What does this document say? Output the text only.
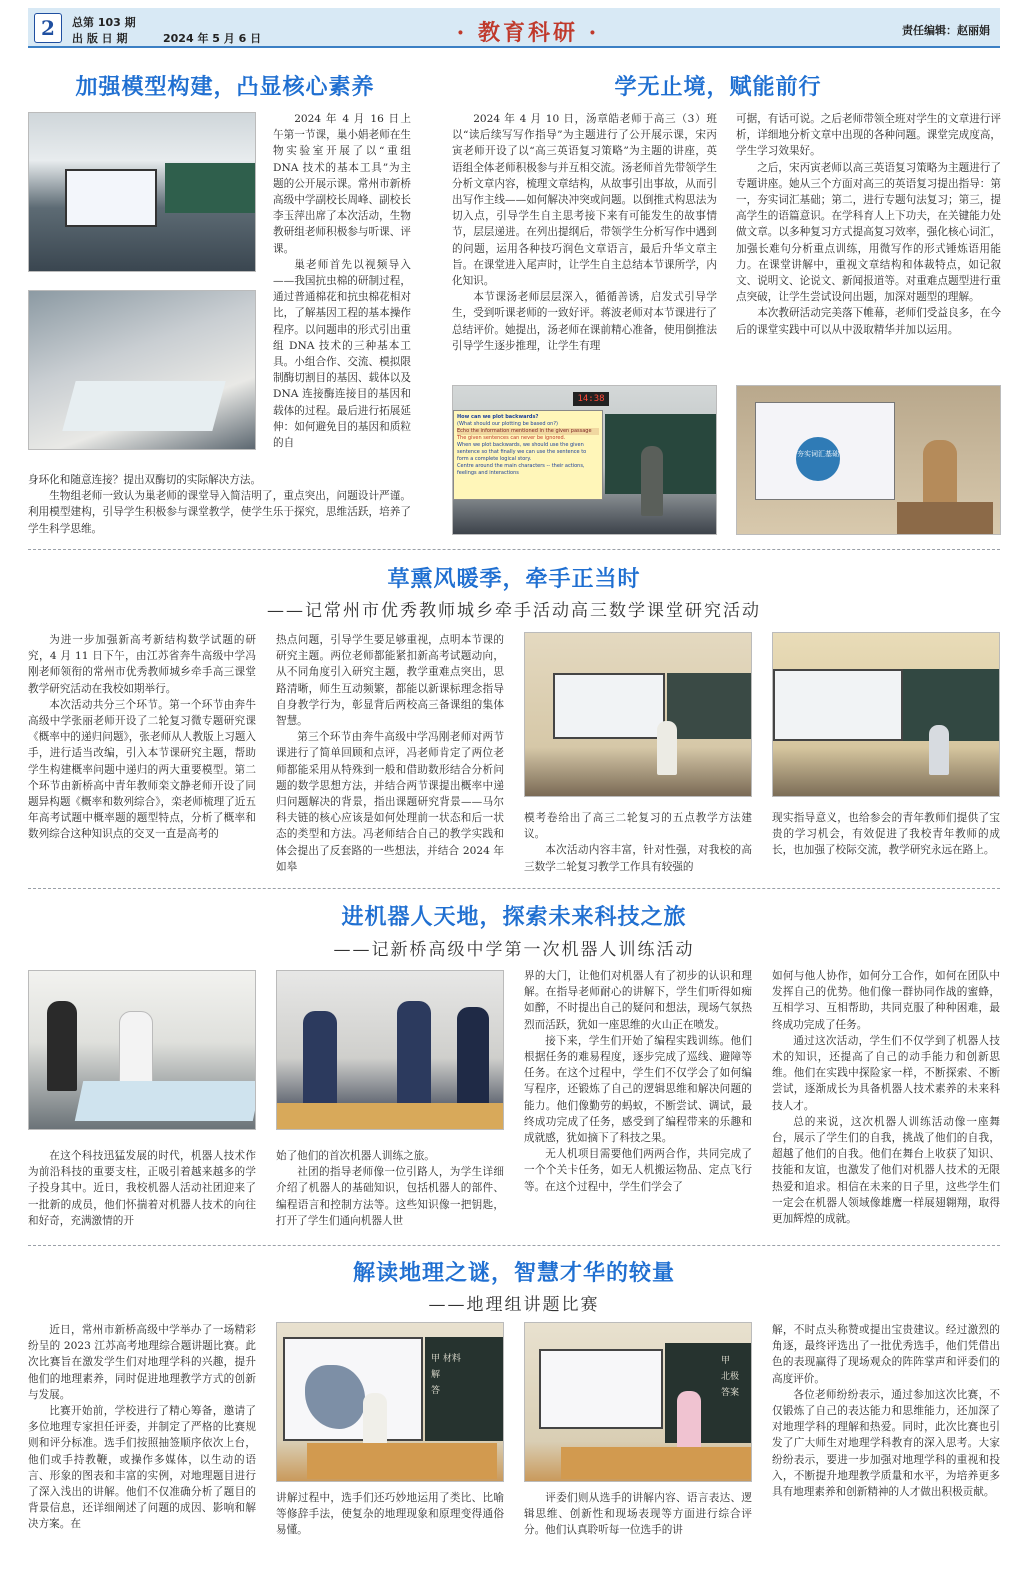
2	总第 103 期
出 版 日 期	2024 年 5 月 6 日	· 教育科研 ·	责任编辑：赵丽娟
加强模型构建，凸显核心素养

2024 年 4 月 16 日上午第一节课，巢小娟老师在生物实验室开展了以“重组 DNA 技术的基本工具”为主题的公开展示课。常州市新桥高级中学副校长周峰、副校长李玉萍出席了本次活动，生物教研组老师积极参与听课、评课。

巢老师首先以视频导入——我国抗虫棉的研制过程，通过普通棉花和抗虫棉花相对比，了解基因工程的基本操作程序。以问题串的形式引出重组 DNA 技术的三种基本工具。小组合作、交流、模拟限制酶切割目的基因、载体以及 DNA 连接酶连接目的基因和载体的过程。最后进行拓展延伸：如何避免目的基因和质粒的自

身环化和随意连接？提出双酶切的实际解决方法。

生物组老师一致认为巢老师的课堂导入简洁明了，重点突出，问题设计严谨。利用模型建构，引导学生积极参与课堂教学，使学生乐于探究，思维活跃，培养了学生科学思维。

学无止境，赋能前行

2024 年 4 月 10 日，汤章皓老师于高三（3）班以“读后续写写作指导”为主题进行了公开展示课，宋丙寅老师开设了以“高三英语复习策略”为主题的讲座，英语组全体老师积极参与并互相交流。汤老师首先带领学生分析文章内容，梳理文章结构，从故事引出事故，从而引出写作主线——如何解决冲突或问题。以倒推式构思法为切入点，引导学生自主思考接下来有可能发生的故事情节，层层递进。在列出提纲后，带领学生分析写作中遇到的问题，运用各种技巧润色文章语言，最后升华文章主旨。在课堂进入尾声时，让学生自主总结本节课所学，内化知识。

本节课汤老师层层深入，循循善诱，启发式引导学生，受到听课老师的一致好评。蒋波老师对本节课进行了总结评价。她提出，汤老师在课前精心准备，使用倒推法引导学生逐步推理，让学生有理

可据，有话可说。之后老师带领全班对学生的文章进行评析，详细地分析文章中出现的各种问题。课堂完成度高，学生学习效果好。

之后，宋丙寅老师以高三英语复习策略为主题进行了专题讲座。她从三个方面对高三的英语复习提出指导：第一，夯实词汇基础；第二，进行专题句法复习；第三，提高学生的语篇意识。在学科育人上下功夫，在关键能力处做文章。以多种复习方式提高复习效率，强化核心词汇，加强长难句分析重点训练，用微写作的形式锤炼语用能力。在课堂讲解中，重视文章结构和体裁特点，如记叙文、说明文、论说文、新闻报道等。对重难点题型进行重点突破，让学生尝试设问出题，加深对题型的理解。

本次教研活动完美落下帷幕，老师们受益良多，在今后的课堂实践中可以从中汲取精华并加以运用。

How can we plot backwards?
(What should our plotting be based on?)
Echo the information mentioned in the given passage
The given sentences can never be ignored.
When we plot backwards, we should use the given sentence so that finally we can use the sentence to form a complete logical story.
Centre around the main characters -- their actions, feelings and interactions
14:38
夯实词汇基础
草熏风暖季，牵手正当时
——记常州市优秀教师城乡牵手活动高三数学课堂研究活动

为进一步加强新高考新结构数学试题的研究，4 月 11 日下午，由江苏省奔牛高级中学冯刚老师领衔的常州市优秀教师城乡牵手高三课堂教学研究活动在我校如期举行。

本次活动共分三个环节。第一个环节由奔牛高级中学张丽老师开设了二轮复习微专题研究课《概率中的递归问题》，张老师从人教版上习题入手，进行适当改编，引入本节课研究主题，帮助学生构建概率问题中递归的两大重要模型。第二个环节由新桥高中青年教师栾文静老师开设了同题异构题《概率和数列综合》，栾老师梳理了近五年高考试题中概率题的题型特点，分析了概率和数列综合这种知识点的交叉一直是高考的

热点问题，引导学生要足够重视，点明本节课的研究主题。两位老师都能紧扣新高考试题动向，从不同角度引入研究主题，教学重难点突出，思路清晰，师生互动频繁，都能以新课标理念指导自身教学行为，彰显背后两校高三备课组的集体智慧。

第三个环节由奔牛高级中学冯刚老师对两节课进行了简单回顾和点评，冯老师肯定了两位老师都能采用从特殊到一般和借助数形结合分析问题的数学思想方法，并结合两节课提出概率中递归问题解决的背景，指出课题研究背景——马尔科夫链的核心应该是如何处理前一状态和后一状态的类型和方法。冯老师结合自己的教学实践和体会提出了反套路的一些想法，并结合 2024 年如皋

模考卷给出了高三二轮复习的五点教学方法建议。

本次活动内容丰富，针对性强，对我校的高三数学二轮复习教学工作具有较强的

现实指导意义，也给参会的青年教师们提供了宝贵的学习机会，有效促进了我校青年教师的成长，也加强了校际交流，教学研究永远在路上。

进机器人天地，探索未来科技之旅
——记新桥高级中学第一次机器人训练活动

在这个科技迅猛发展的时代，机器人技术作为前沿科技的重要支柱，正吸引着越来越多的学子投身其中。近日，我校机器人活动社团迎来了一批新的成员，他们怀揣着对机器人技术的向往和好奇，充满激情的开

始了他们的首次机器人训练之旅。

社团的指导老师像一位引路人，为学生详细介绍了机器人的基础知识，包括机器人的部件、编程语言和控制方法等。这些知识像一把钥匙，打开了学生们通向机器人世

界的大门，让他们对机器人有了初步的认识和理解。在指导老师耐心的讲解下，学生们听得如痴如醉，不时提出自己的疑问和想法，现场气氛热烈而活跃，犹如一座思维的火山正在喷发。

接下来，学生们开始了编程实践训练。他们根据任务的难易程度，逐步完成了巡线、避障等任务。在这个过程中，学生们不仅学会了如何编写程序，还锻炼了自己的逻辑思维和解决问题的能力。他们像勤劳的蚂蚁，不断尝试、调试，最终成功完成了任务，感受到了编程带来的乐趣和成就感，犹如摘下了科技之果。

无人机项目需要他们两两合作，共同完成了一个个关卡任务，如无人机搬运物品、定点飞行等。在这个过程中，学生们学会了

如何与他人协作，如何分工合作，如何在团队中发挥自己的优势。他们像一群协同作战的蜜蜂，互相学习、互相帮助，共同克服了种种困难，最终成功完成了任务。

通过这次活动，学生们不仅学到了机器人技术的知识，还提高了自己的动手能力和创新思维。他们在实践中探险家一样，不断探索、不断尝试，逐渐成长为具备机器人技术素养的未来科技人才。

总的来说，这次机器人训练活动像一座舞台，展示了学生们的自我，挑战了他们的自我，超越了他们的自我。他们在舞台上收获了知识、技能和友谊，也激发了他们对机器人技术的无限热爱和追求。相信在未来的日子里，这些学生们一定会在机器人领域像雄鹰一样展翅翱翔，取得更加辉煌的成就。

解读地理之谜，智慧才华的较量
——地理组讲题比赛

近日，常州市新桥高级中学举办了一场精彩纷呈的 2023 江苏高考地理综合题讲题比赛。此次比赛旨在激发学生们对地理学科的兴趣，提升他们的地理素养，同时促进地理教学方式的创新与发展。

比赛开始前，学校进行了精心筹备，邀请了多位地理专家担任评委，并制定了严格的比赛规则和评分标准。选手们按照抽签顺序依次上台，他们或手持教鞭，或操作多媒体，以生动的语言、形象的图表和丰富的实例，对地理题目进行了深入浅出的讲解。他们不仅准确分析了题目的背景信息，还详细阐述了问题的成因、影响和解决方案。在

甲 材料
解
答

讲解过程中，选手们还巧妙地运用了类比、比喻等修辞手法，使复杂的地理现象和原理变得通俗易懂。

甲
北极
答案

评委们则从选手的讲解内容、语言表达、逻辑思维、创新性和现场表现等方面进行综合评分。他们认真聆听每一位选手的讲

解，不时点头称赞或提出宝贵建议。经过激烈的角逐，最终评选出了一批优秀选手，他们凭借出色的表现赢得了现场观众的阵阵掌声和评委们的高度评价。

各位老师纷纷表示，通过参加这次比赛，不仅锻炼了自己的表达能力和思维能力，还加深了对地理学科的理解和热爱。同时，此次比赛也引发了广大师生对地理学科教育的深入思考。大家纷纷表示，要进一步加强对地理学科的重视和投入，不断提升地理教学质量和水平，为培养更多具有地理素养和创新精神的人才做出积极贡献。
